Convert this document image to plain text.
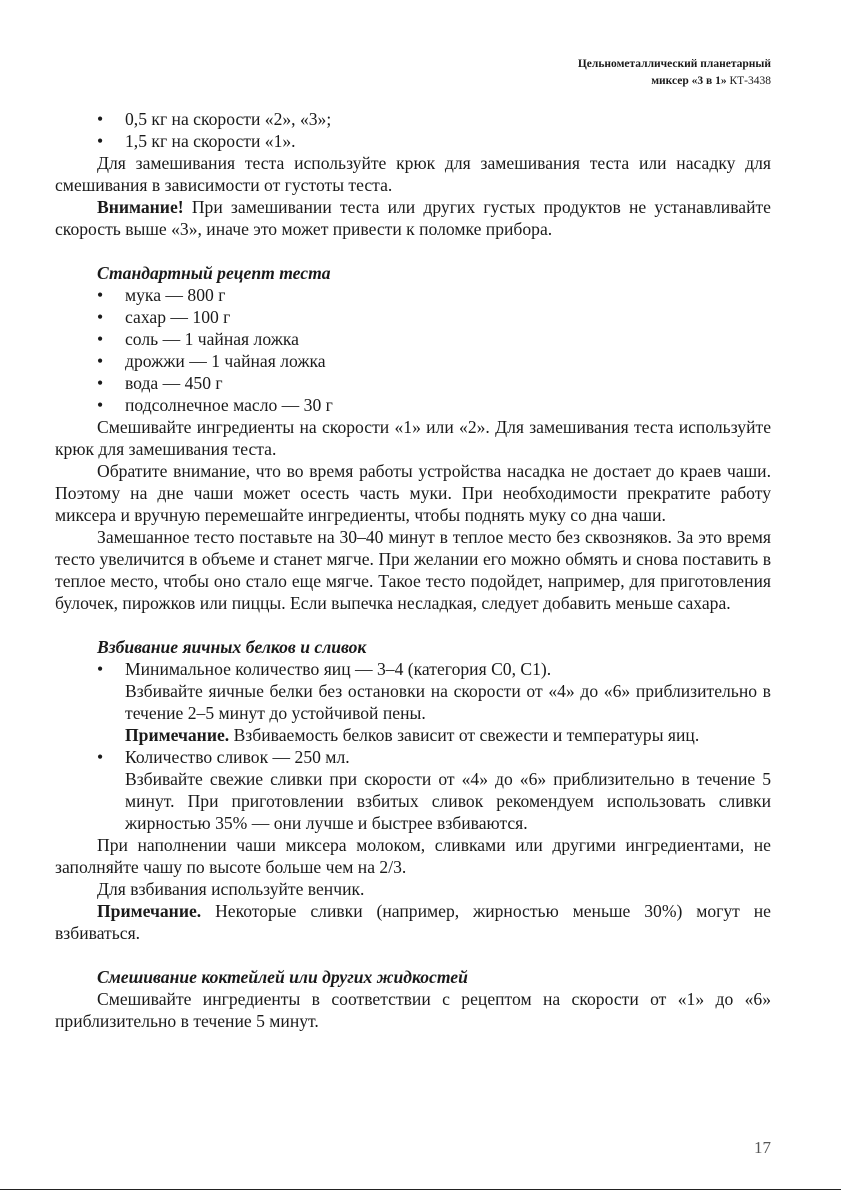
Цельнометаллический планетарный
миксер «3 в 1» КТ-3438
• 0,5 кг на скорости «2», «3»;
• 1,5 кг на скорости «1».

Для замешивания теста используйте крюк для замешивания теста или насадку для смешивания в зависимости от густоты теста.

Внимание! При замешивании теста или других густых продуктов не устанавливайте скорость выше «3», иначе это может привести к поломке прибора.

Стандартный рецепт теста
• мука — 800 г
• сахар — 100 г
• соль — 1 чайная ложка
• дрожжи — 1 чайная ложка
• вода — 450 г
• подсолнечное масло — 30 г

Смешивайте ингредиенты на скорости «1» или «2». Для замешивания теста используйте крюк для замешивания теста.

Обратите внимание, что во время работы устройства насадка не достает до краев чаши. Поэтому на дне чаши может осесть часть муки. При необходимости прекратите работу миксера и вручную перемешайте ингредиенты, чтобы поднять муку со дна чаши.

Замешанное тесто поставьте на 30–40 минут в теплое место без сквозняков. За это время тесто увеличится в объеме и станет мягче. При желании его можно обмять и снова поставить в теплое место, чтобы оно стало еще мягче. Такое тесто подойдет, например, для приготовления булочек, пирожков или пиццы. Если выпечка несладкая, следует добавить меньше сахара.

Взбивание яичных белков и сливок
• Минимальное количество яиц — 3–4 (категория С0, С1).

Взбивайте яичные белки без остановки на скорости от «4» до «6» приблизительно в течение 2–5 минут до устойчивой пены.

Примечание. Взбиваемость белков зависит от свежести и температуры яиц.

• Количество сливок — 250 мл.

Взбивайте свежие сливки при скорости от «4» до «6» приблизительно в течение 5 минут. При приготовлении взбитых сливок рекомендуем использовать сливки жирностью 35% — они лучше и быстрее взбиваются.

При наполнении чаши миксера молоком, сливками или другими ингредиентами, не заполняйте чашу по высоте больше чем на 2/3.

Для взбивания используйте венчик.

Примечание. Некоторые сливки (например, жирностью меньше 30%) могут не взбиваться.

Смешивание коктейлей или других жидкостей

Смешивайте ингредиенты в соответствии с рецептом на скорости от «1» до «6» приблизительно в течение 5 минут.

17
